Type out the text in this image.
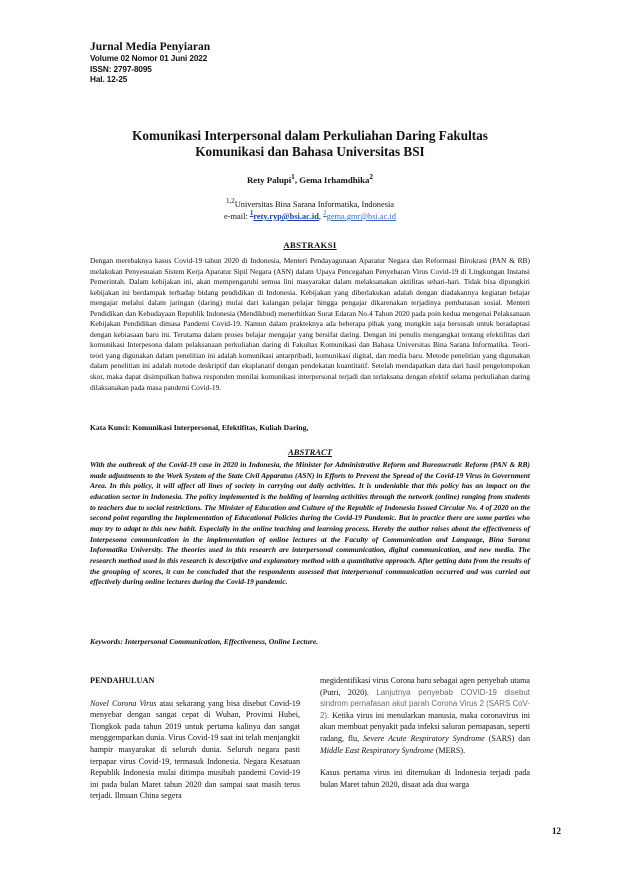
Jurnal Media Penyiaran
Volume 02 Nomor 01 Juni 2022
ISSN: 2797-8095
Hal. 12-25
Komunikasi Interpersonal dalam Perkuliahan Daring Fakultas
Komunikasi dan Bahasa Universitas BSI
Rety Palupi$^1$, Gema Irhamdhika$^2$
$^{1,2}$Universitas Bina Sarana Informatika, Indonesia
e-mail: $^1$rety.ryp@bsi.ac.id, $^2$gema.gmr@bsi.ac.id
ABSTRAKSI
Dengan merebaknya kasus Covid-19 tahun 2020 di Indonesia, Menteri Pendayagunaan Aparatur Negara dan Reformasi Birokrasi (PAN & RB) melakukan Penyesuaian Sistem Kerja Aparatur Sipil Negara (ASN) dalam Upaya Pencegahan Penyebaran Virus Covid-19 di Lingkungan Instansi Pemerintah. Dalam kebijakan ini, akan mempengaruhi semua lini masyarakat dalam melaksanakan aktifitas sehari-hari. Tidak bisa dipungkiri kebijakan ini berdampak terhadap bidang pendidikan di Indonesia. Kebijakan yang diberlakukan adalah dengan diadakannya kegiatan belajar mengajar melalui dalam jaringan (daring) mulai dari kalangan pelajar hingga pengajar dikarenakan terjadinya pembatasan sosial. Menteri Pendidikan dan Kebudayaan Republik Indonesia (Mendikbud) menerbitkan Surat Edaran No.4 Tahun 2020 pada poin kedua mengenai Pelaksanaan Kebijakan Pendidikan dimasa Pandemi Covid-19. Namun dalam prakteknya ada beberapa pihak yang mungkin saja bersusah untuk beradaptasi dengan kebiasaan baru ini. Terutama dalam proses belajar mengajar yang bersifat daring. Dengan ini penulis mengangkat tentang efektifitas dari komunikasi Interpesona dalam pelaksanaan perkuliahan daring di Fakultas Komunikasi dan Bahasa Universitas Bina Sarana Informatika. Teori- teori yang digunakan dalam penelitian ini adalah komunikasi antarpribadi, komunikasi digital, dan media baru. Metode penelitian yang digunakan dalam penelitian ini adalah metode deskriptif dan eksplanatif dengan pendekatan kuantitatif. Setelah mendapatkan data dari hasil pengelompokan skor, maka dapat disimpulkan bahwa responden menilai komunikasi interpersonal terjadi dan terlaksana dengan efektif selama perkuliahan daring dilaksanakan pada masa pandemi Covid-19.
Kata Kunci: Komunikasi Interpersonal, Efektifitas, Kuliah Daring,
ABSTRACT
With the outbreak of the Covid-19 case in 2020 in Indonesia, the Minister for Administrative Reform and Bureaucratic Reform (PAN & RB) made adjustments to the Work System of the State Civil Apparatus (ASN) in Efforts to Prevent the Spread of the Covid-19 Virus in Government Area. In this policy, it will affect all lines of society in carrying out daily activities. It is undeniable that this policy has an impact on the education sector in Indonesia. The policy implemented is the holding of learning activities through the network (online) ranging from students to teachers due to social restrictions. The Minister of Education and Culture of the Republic of Indonesia Issued Circular No. 4 of 2020 on the second point regarding the Implementation of Educational Policies during the Covid-19 Pandemic. But in practice there are some parties who may try to adapt to this new habit. Especially in the online teaching and learning process. Hereby the author raises about the effectiveness of Interpesona communication in the implementation of online lectures at the Faculty of Communication and Language, Bina Sarana Informatika University. The theories used in this research are interpersonal communication, digital communication, and new media. The research method used in this research is descriptive and explanatory method with a quantitative approach. After getting data from the results of the grouping of scores, it can be concluded that the respondents assessed that interpersonal communication occurred and was carried out effectively during online lectures during the Covid-19 pandemic.
Keywords: Interpersonal Communication, Effectiveness, Online Lecture.
PENDAHULUAN

Novel Corona Virus atau sekarang yang bisa disebut Covid-19 menyebar dengan sangat cepat di Wuhan, Provinsi Hubei, Tiongkok pada tahun 2019 untuk pertama kalinya dan sangat menggemparkan dunia. Virus Covid-19 saat ini telah menjangkit hampir masyarakat di seluruh dunia. Seluruh negara pasti terpapar virus Covid-19, termasuk Indonesia. Negara Kesatuan Republik Indonesia mulai ditimpa musibah pandemi Covid-19 ini pada bulan Maret tahun 2020 dan sampai saat masih terus terjadi. Ilmuan China segera

megidentifikasi virus Corona baru sebagai agen penyebab utama (Putri, 2020). Lanjutnya penyebab COVID-19 disebut sindrom pernafasan akut parah Corona Virus 2 (SARS CoV-2). Ketika virus ini menularkan manusia, maka coronavirus ini akan membuat penyakit pada infeksi saluran pernapasan, seperti radang, flu, Severe Acute Respiratory Syndrome (SARS) dan Middle East Respiratory Syndrome (MERS).

Kasus pertama virus ini ditemukan di Indonesia terjadi pada bulan Maret tahun 2020, disaat ada dua warga

12
